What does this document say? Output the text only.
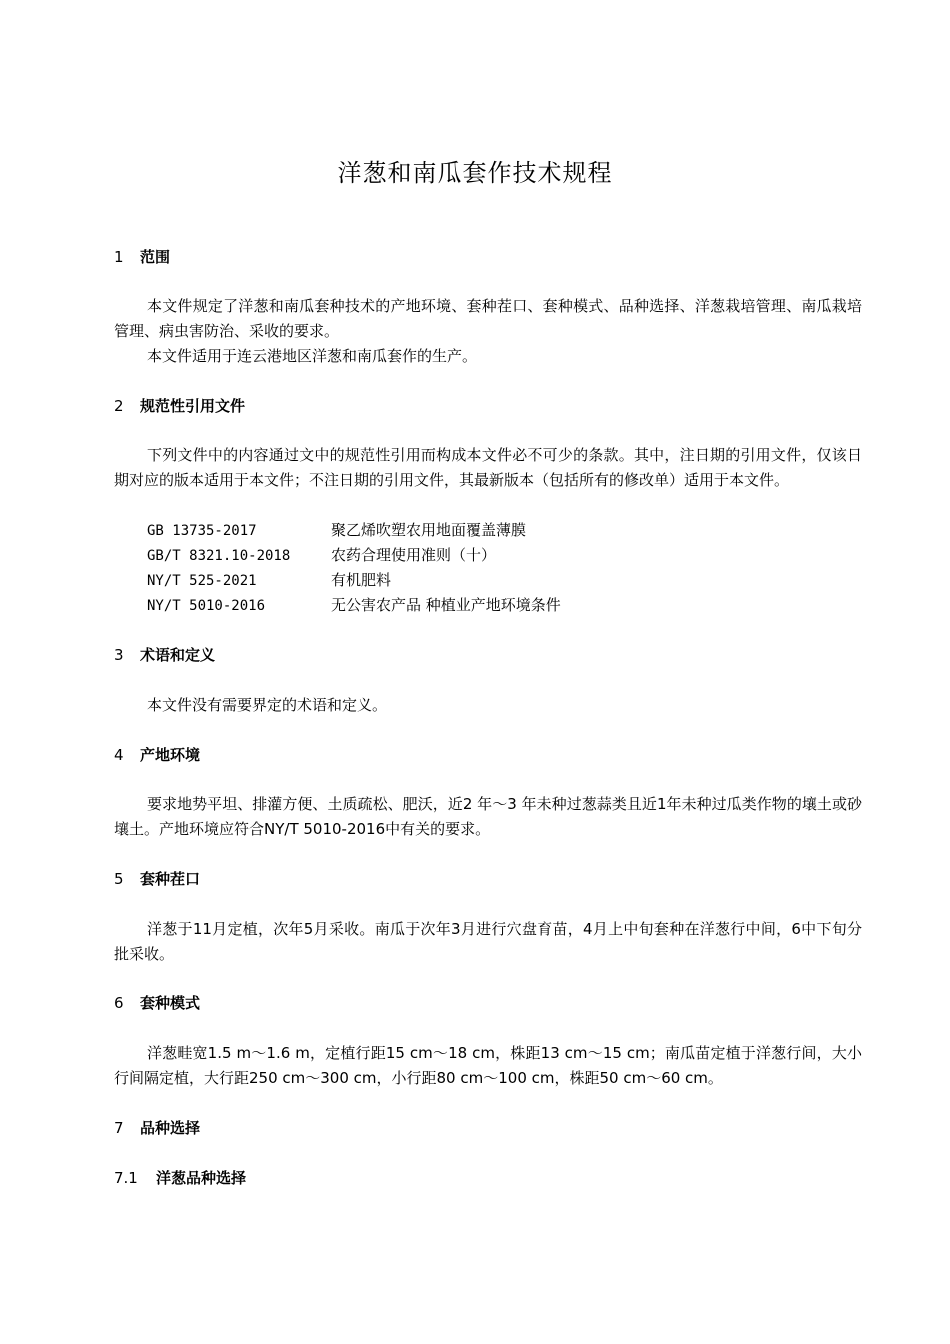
洋葱和南瓜套作技术规程
1 范围
本文件规定了洋葱和南瓜套种技术的产地环境、套种茬口、套种模式、品种选择、洋葱栽培管理、南瓜栽培管理、病虫害防治、采收的要求。
本文件适用于连云港地区洋葱和南瓜套作的生产。
2 规范性引用文件
下列文件中的内容通过文中的规范性引用而构成本文件必不可少的条款。其中，注日期的引用文件，仅该日期对应的版本适用于本文件；不注日期的引用文件，其最新版本（包括所有的修改单）适用于本文件。
GB 13735-2017	聚乙烯吹塑农用地面覆盖薄膜
GB/T 8321.10-2018	农药合理使用准则（十）
NY/T 525-2021	有机肥料
NY/T 5010-2016	无公害农产品 种植业产地环境条件
3 术语和定义
本文件没有需要界定的术语和定义。
4 产地环境
要求地势平坦、排灌方便、土质疏松、肥沃，近2 年～3 年未种过葱蒜类且近1年未种过瓜类作物的壤土或砂壤土。产地环境应符合NY/T 5010-2016中有关的要求。
5 套种茬口
洋葱于11月定植，次年5月采收。南瓜于次年3月进行穴盘育苗，4月上中旬套种在洋葱行中间，6中下旬分批采收。
6 套种模式
洋葱畦宽1.5 m～1.6 m，定植行距15 cm～18 cm，株距13 cm～15 cm；南瓜苗定植于洋葱行间，大小行间隔定植，大行距250 cm～300 cm，小行距80 cm～100 cm，株距50 cm～60 cm。
7 品种选择
7.1 洋葱品种选择
